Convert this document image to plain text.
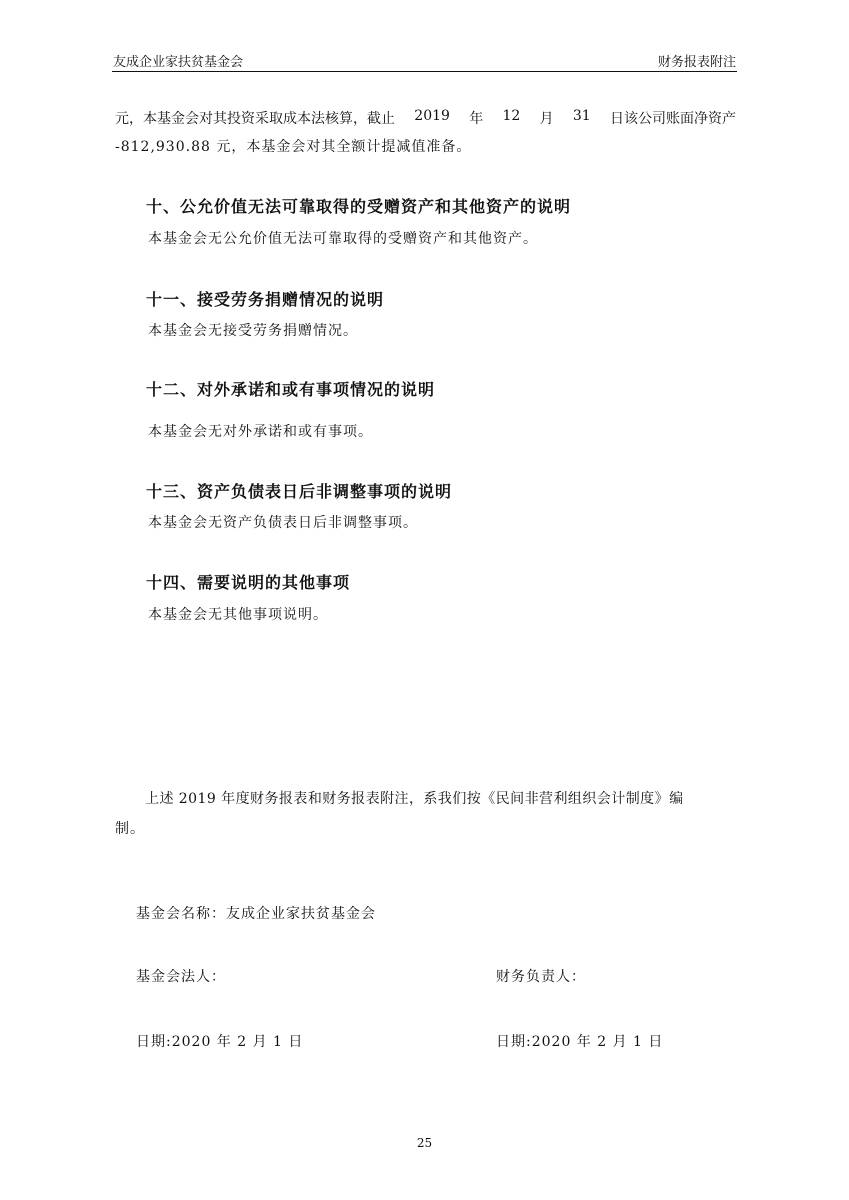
友成企业家扶贫基金会	财务报表附注
元，本基金会对其投资采取成本法核算，截止 2019 年 12 月 31 日该公司账面净资产
-812,930.88 元，本基金会对其全额计提减值准备。
十、公允价值无法可靠取得的受赠资产和其他资产的说明
本基金会无公允价值无法可靠取得的受赠资产和其他资产。
十一、接受劳务捐赠情况的说明
本基金会无接受劳务捐赠情况。
十二、对外承诺和或有事项情况的说明
本基金会无对外承诺和或有事项。
十三、资产负债表日后非调整事项的说明
本基金会无资产负债表日后非调整事项。
十四、需要说明的其他事项
本基金会无其他事项说明。
上述 2019 年度财务报表和财务报表附注，系我们按《民间非营利组织会计制度》编
制。
基金会名称：友成企业家扶贫基金会
基金会法人：	财务负责人：
日期:2020 年 2 月 1 日	日期:2020 年 2 月 1 日
25
